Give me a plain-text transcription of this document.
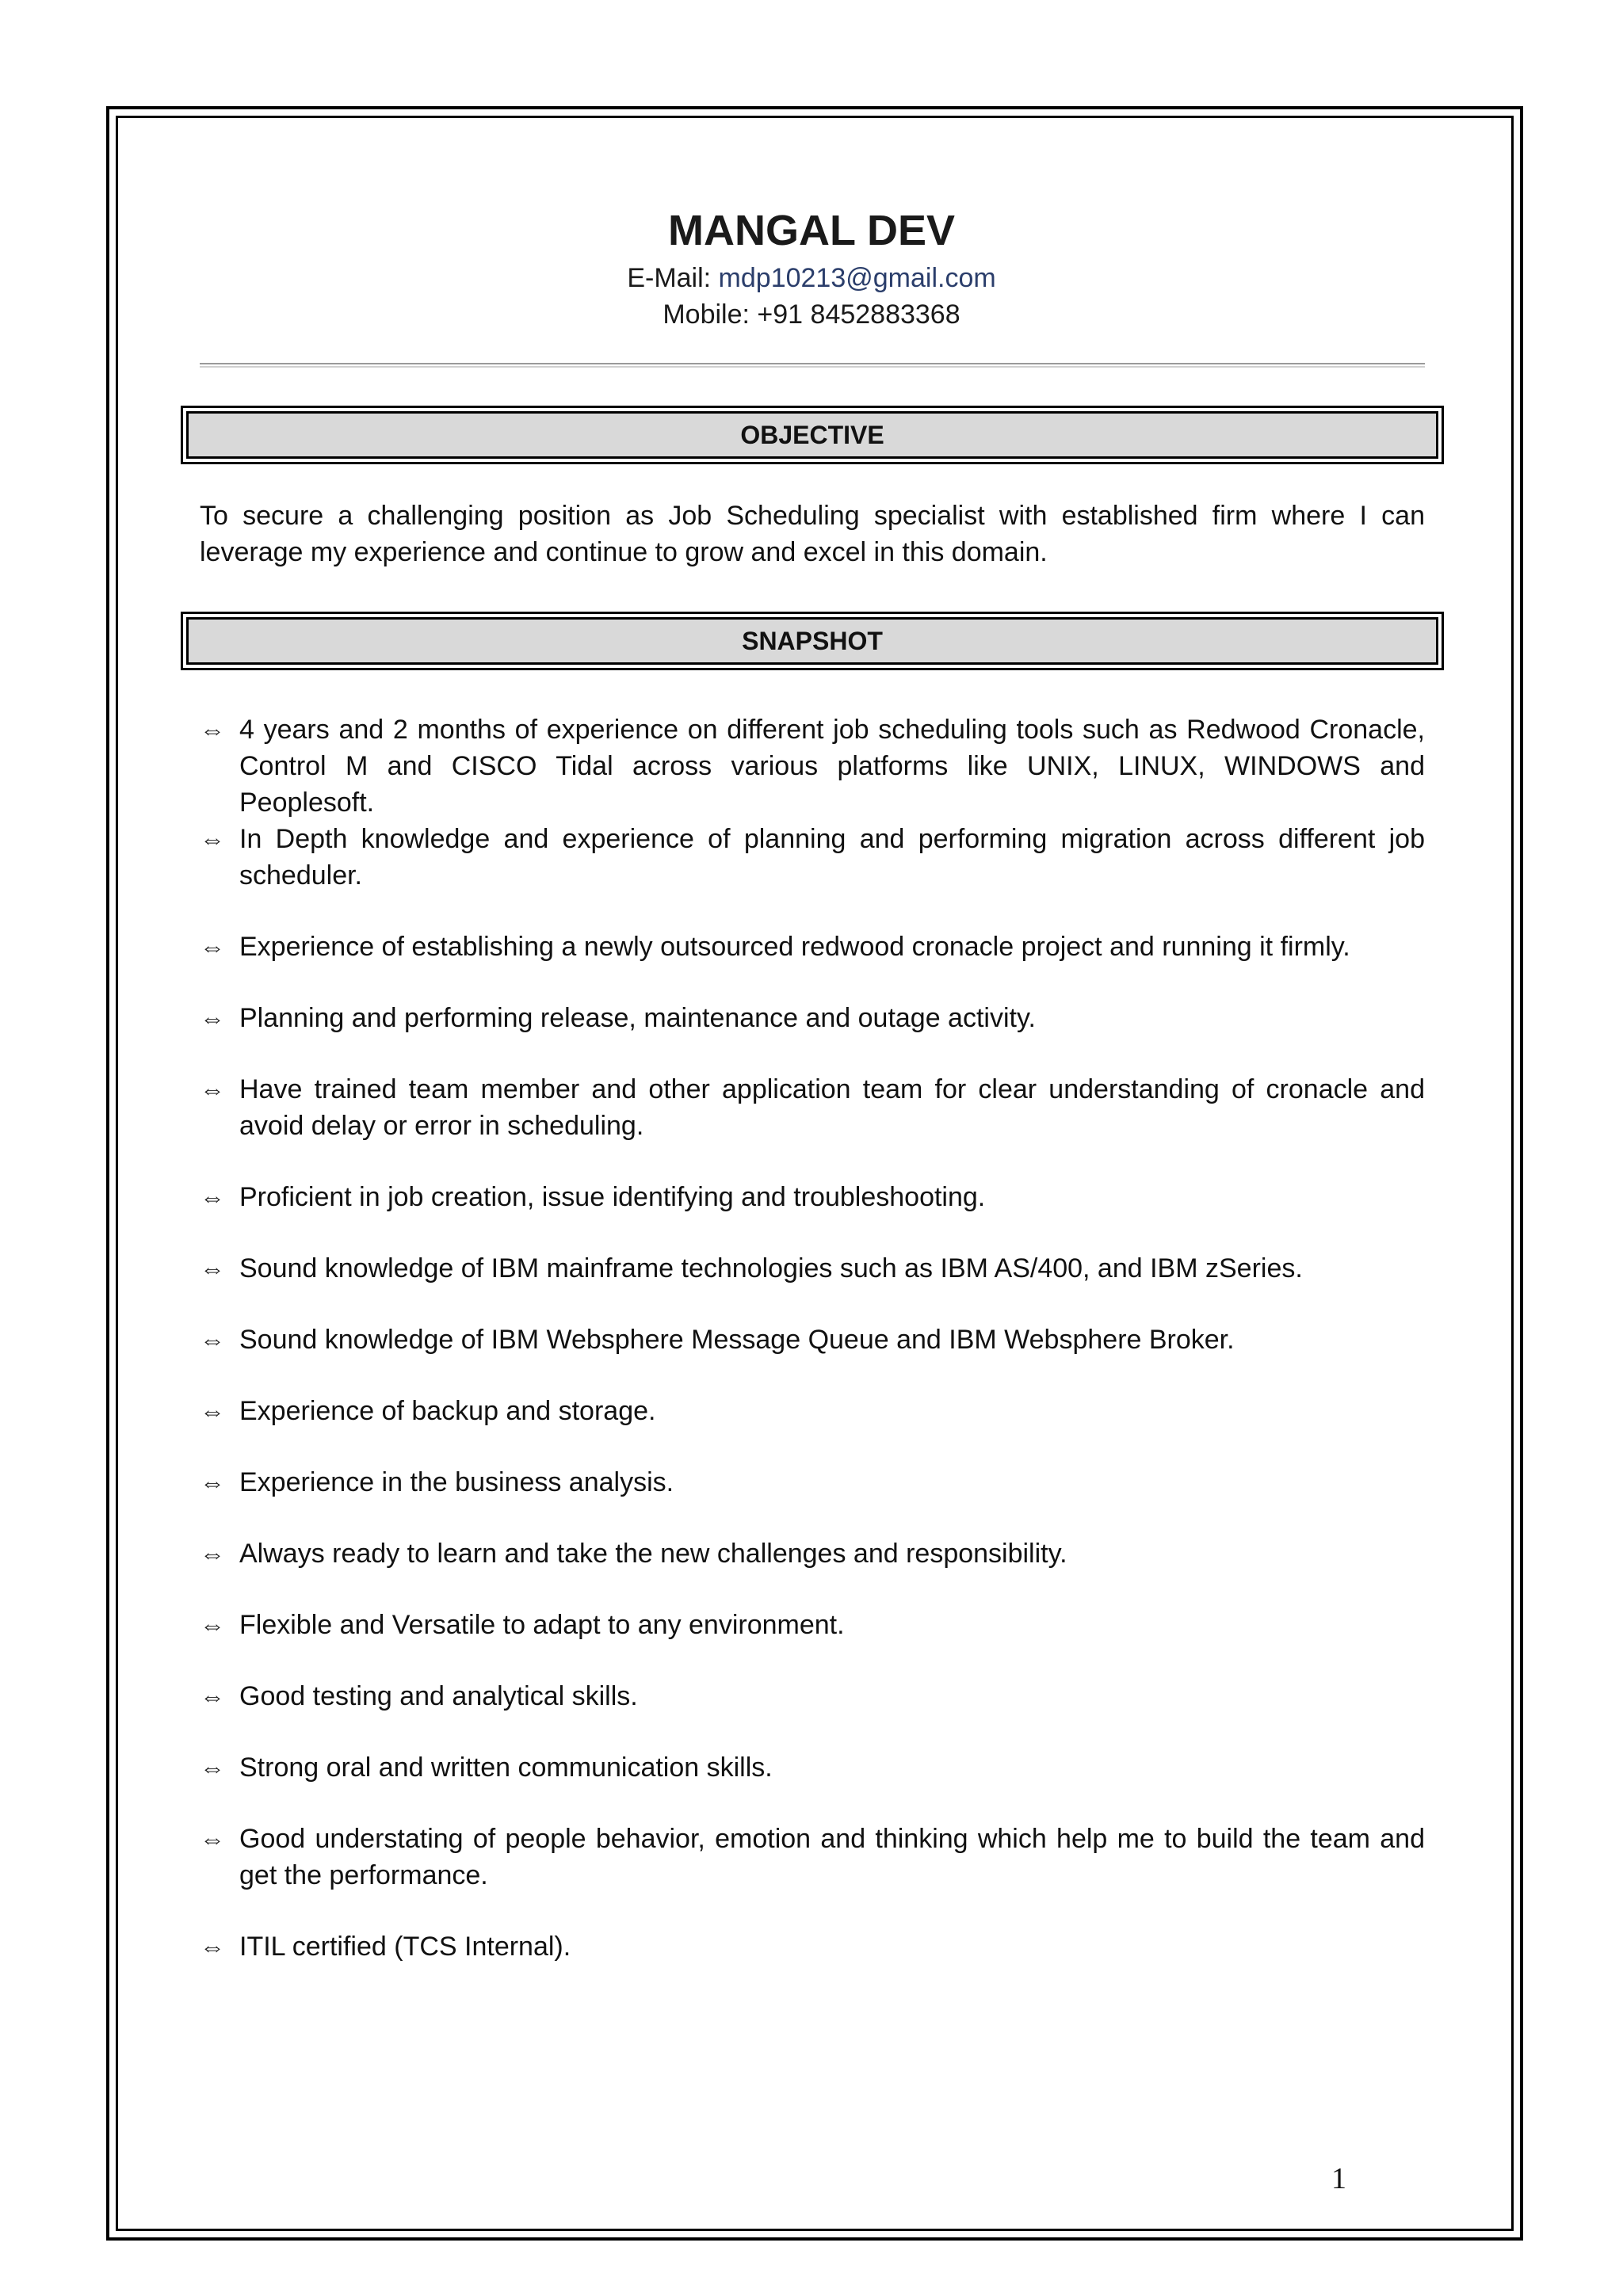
MANGAL DEV
E-Mail: mdp10213@gmail.com
Mobile: +91 8452883368
OBJECTIVE
To secure a challenging position as Job Scheduling specialist with established firm where I can leverage my experience and continue to grow and excel in this domain.
SNAPSHOT
⇔ 4 years and 2 months of experience on different job scheduling tools such as Redwood Cronacle, Control M and CISCO Tidal across various platforms like UNIX, LINUX, WINDOWS and Peoplesoft.
⇔ In Depth knowledge and experience of planning and performing migration across different job scheduler.
⇔ Experience of establishing a newly outsourced redwood cronacle project and running it firmly.
⇔ Planning and performing release, maintenance and outage activity.
⇔ Have trained team member and other application team for clear understanding of cronacle and avoid delay or error in scheduling.
⇔ Proficient in job creation, issue identifying and troubleshooting.
⇔ Sound knowledge of IBM mainframe technologies such as IBM AS/400, and IBM zSeries.
⇔ Sound knowledge of IBM Websphere Message Queue and IBM Websphere Broker.
⇔ Experience of backup and storage.
⇔ Experience in the business analysis.
⇔ Always ready to learn and take the new challenges and responsibility.
⇔ Flexible and Versatile to adapt to any environment.
⇔ Good testing and analytical skills.
⇔ Strong oral and written communication skills.
⇔ Good understating of people behavior, emotion and thinking which help me to build the team and get the performance.
⇔ ITIL certified (TCS Internal).
1
